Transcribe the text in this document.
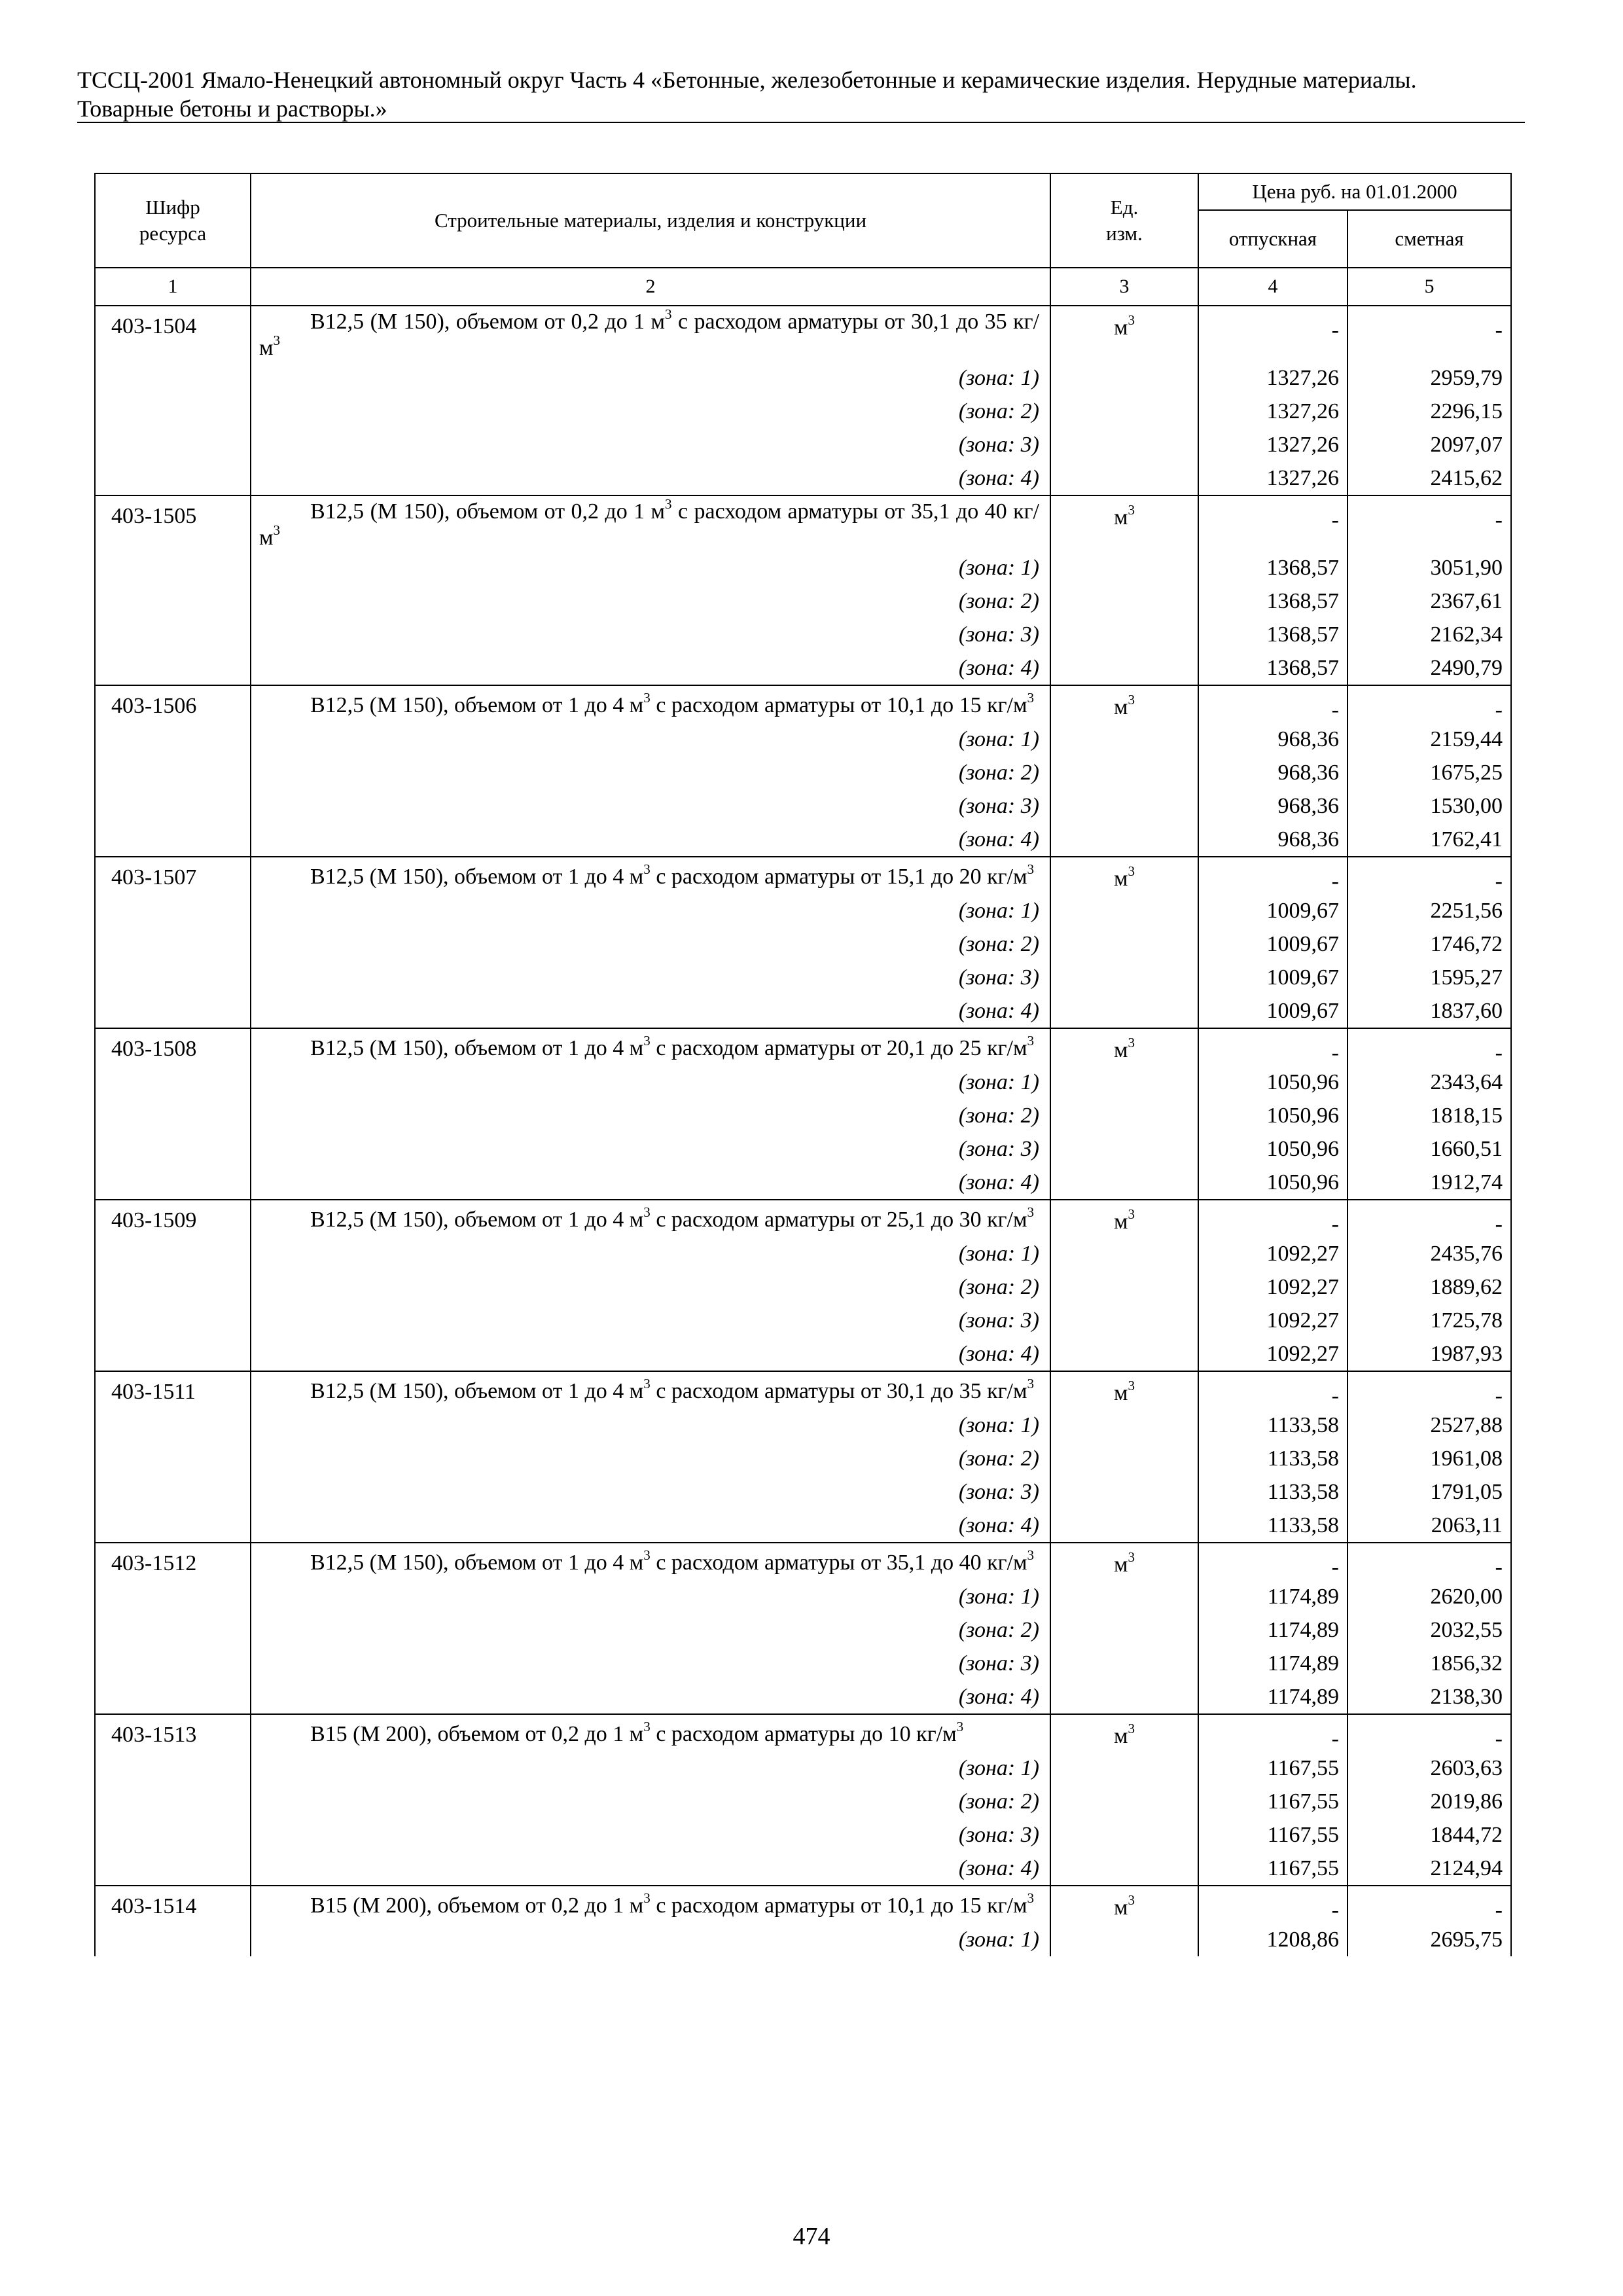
ТССЦ-2001 Ямало-Ненецкий автономный округ Часть 4 «Бетонные, железобетонные и керамические изделия. Нерудные материалы.
Товарные бетоны и растворы.»
Шифр ресурса	Строительные материалы, изделия и конструкции	Ед. изм.	Цена руб. на 01.01.2000	
			отпускная	сметная
1	2	3	4	5
403-1504	В12,5 (М 150), объемом от 0,2 до 1 $м^3$ с расходом арматуры от 30,1 до 35 $кг/м^3$	$м^3$	-	-
	(зона: 1)		1327,26	2959,79
	(зона: 2)		1327,26	2296,15
	(зона: 3)		1327,26	2097,07
	(зона: 4)		1327,26	2415,62
403-1505	В12,5 (М 150), объемом от 0,2 до 1 $м^3$ с расходом арматуры от 35,1 до 40 $кг/м^3$	$м^3$	-	-
	(зона: 1)		1368,57	3051,90
	(зона: 2)		1368,57	2367,61
	(зона: 3)		1368,57	2162,34
	(зона: 4)		1368,57	2490,79
403-1506	В12,5 (М 150), объемом от 1 до 4 $м^3$ с расходом арматуры от 10,1 до 15 $кг/м^3$	$м^3$	-	-
	(зона: 1)		968,36	2159,44
	(зона: 2)		968,36	1675,25
	(зона: 3)		968,36	1530,00
	(зона: 4)		968,36	1762,41
403-1507	В12,5 (М 150), объемом от 1 до 4 $м^3$ с расходом арматуры от 15,1 до 20 $кг/м^3$	$м^3$	-	-
	(зона: 1)		1009,67	2251,56
	(зона: 2)		1009,67	1746,72
	(зона: 3)		1009,67	1595,27
	(зона: 4)		1009,67	1837,60
403-1508	В12,5 (М 150), объемом от 1 до 4 $м^3$ с расходом арматуры от 20,1 до 25 $кг/м^3$	$м^3$	-	-
	(зона: 1)		1050,96	2343,64
	(зона: 2)		1050,96	1818,15
	(зона: 3)		1050,96	1660,51
	(зона: 4)		1050,96	1912,74
403-1509	В12,5 (М 150), объемом от 1 до 4 $м^3$ с расходом арматуры от 25,1 до 30 $кг/м^3$	$м^3$	-	-
	(зона: 1)		1092,27	2435,76
	(зона: 2)		1092,27	1889,62
	(зона: 3)		1092,27	1725,78
	(зона: 4)		1092,27	1987,93
403-1511	В12,5 (М 150), объемом от 1 до 4 $м^3$ с расходом арматуры от 30,1 до 35 $кг/м^3$	$м^3$	-	-
	(зона: 1)		1133,58	2527,88
	(зона: 2)		1133,58	1961,08
	(зона: 3)		1133,58	1791,05
	(зона: 4)		1133,58	2063,11
403-1512	В12,5 (М 150), объемом от 1 до 4 $м^3$ с расходом арматуры от 35,1 до 40 $кг/м^3$	$м^3$	-	-
	(зона: 1)		1174,89	2620,00
	(зона: 2)		1174,89	2032,55
	(зона: 3)		1174,89	1856,32
	(зона: 4)		1174,89	2138,30
403-1513	В15 (М 200), объемом от 0,2 до 1 $м^3$ с расходом арматуры до 10 $кг/м^3$	$м^3$	-	-
	(зона: 1)		1167,55	2603,63
	(зона: 2)		1167,55	2019,86
	(зона: 3)		1167,55	1844,72
	(зона: 4)		1167,55	2124,94
403-1514	В15 (М 200), объемом от 0,2 до 1 $м^3$ с расходом арматуры от 10,1 до 15 $кг/м^3$	$м^3$	-	-
	(зона: 1)		1208,86	2695,75
474
